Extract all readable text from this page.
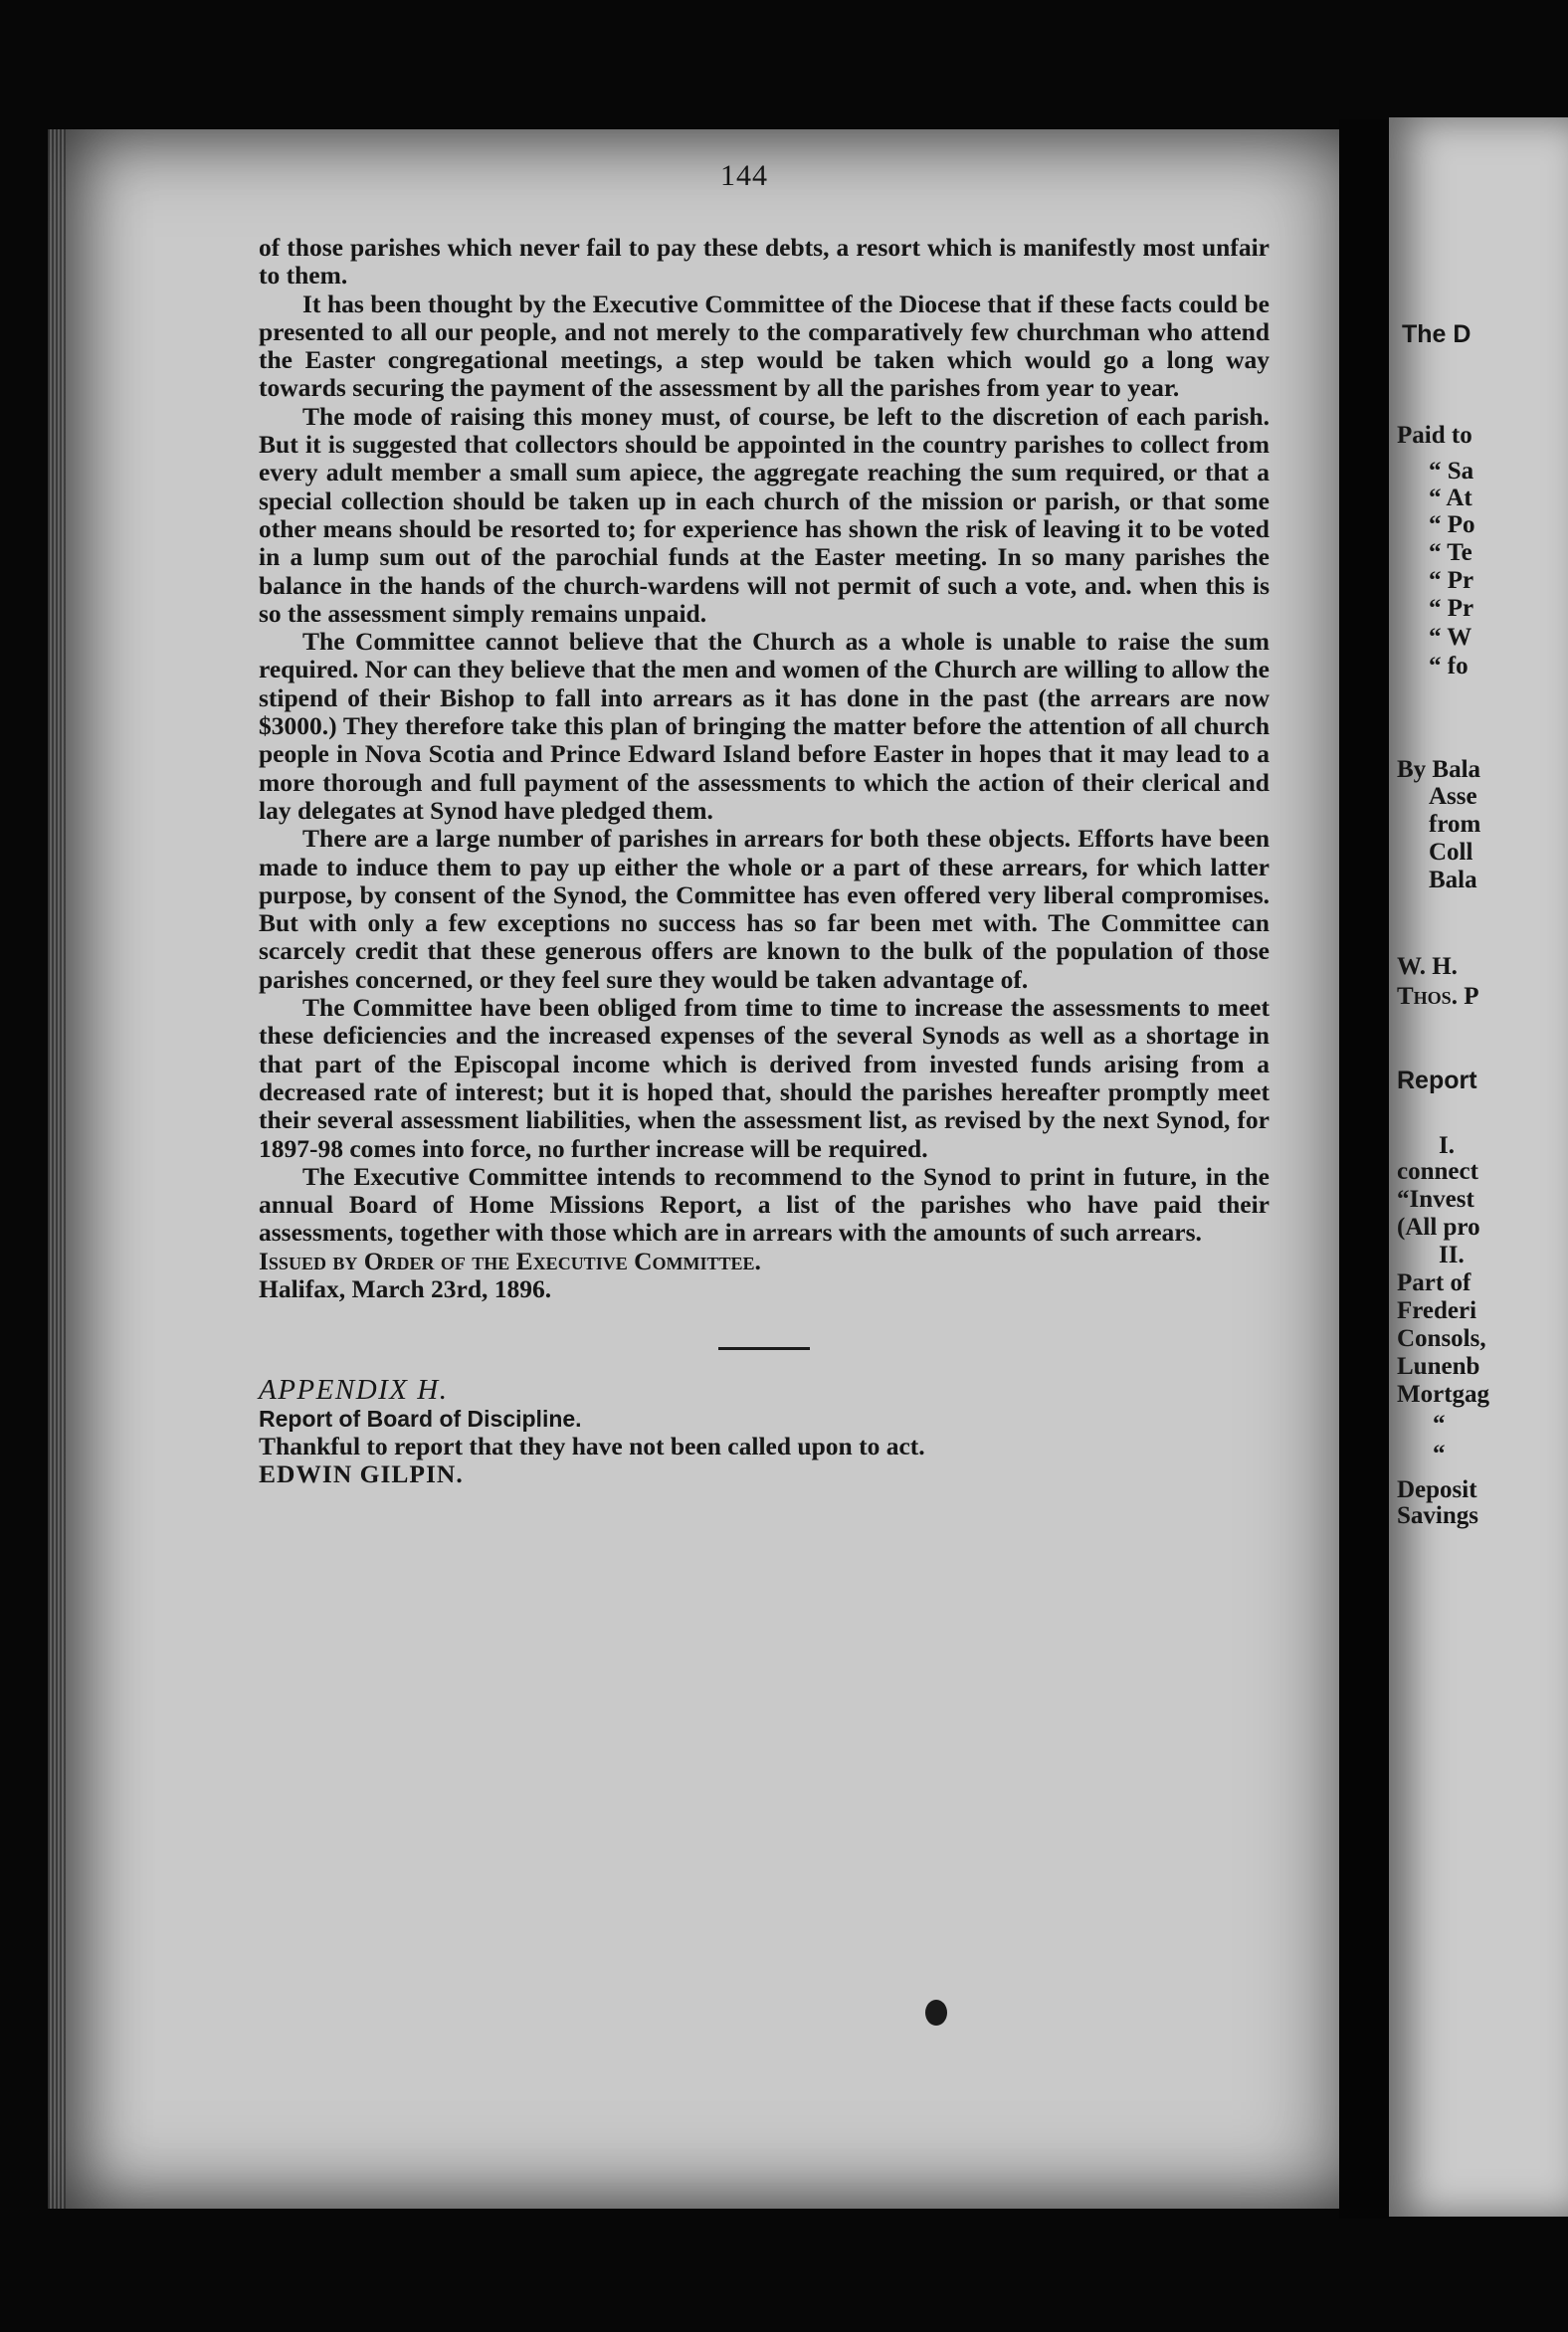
144

of those parishes which never fail to pay these debts, a resort which is manifestly most unfair to them.

It has been thought by the Executive Committee of the Diocese that if these facts could be presented to all our people, and not merely to the comparatively few churchman who attend the Easter congregational meetings, a step would be taken which would go a long way towards securing the payment of the assessment by all the parishes from year to year.

The mode of raising this money must, of course, be left to the discretion of each parish. But it is suggested that collectors should be appointed in the country parishes to collect from every adult member a small sum apiece, the aggregate reaching the sum required, or that a special collection should be taken up in each church of the mission or parish, or that some other means should be resorted to; for experience has shown the risk of leaving it to be voted in a lump sum out of the parochial funds at the Easter meeting. In so many parishes the balance in the hands of the church-wardens will not permit of such a vote, and. when this is so the assessment simply remains unpaid.

The Committee cannot believe that the Church as a whole is unable to raise the sum required. Nor can they believe that the men and women of the Church are willing to allow the stipend of their Bishop to fall into arrears as it has done in the past (the arrears are now $3000.) They therefore take this plan of bringing the matter before the attention of all church people in Nova Scotia and Prince Edward Island before Easter in hopes that it may lead to a more thorough and full payment of the assessments to which the action of their clerical and lay delegates at Synod have pledged them.

There are a large number of parishes in arrears for both these objects. Efforts have been made to induce them to pay up either the whole or a part of these arrears, for which latter purpose, by consent of the Synod, the Committee has even offered very liberal compromises. But with only a few exceptions no success has so far been met with. The Committee can scarcely credit that these generous offers are known to the bulk of the population of those parishes concerned, or they feel sure they would be taken advantage of.

The Committee have been obliged from time to time to increase the assessments to meet these deficiencies and the increased expenses of the several Synods as well as a shortage in that part of the Episcopal income which is derived from invested funds arising from a decreased rate of interest; but it is hoped that, should the parishes hereafter promptly meet their several assessment liabilities, when the assessment list, as revised by the next Synod, for 1897-98 comes into force, no further increase will be required.

The Executive Committee intends to recommend to the Synod to print in future, in the annual Board of Home Missions Report, a list of the parishes who have paid their assessments, together with those which are in arrears with the amounts of such arrears.

Issued by Order of the Executive Committee.

Halifax, March 23rd, 1896.

APPENDIX H.

Report of Board of Discipline.

Thankful to report that they have not been called upon to act.

EDWIN GILPIN.

The D
Paid to
“ Sa
“ At
“ Po
“ Te
“ Pr
“ Pr
“ W
“ fo
By Bala
Asse
from
Coll
Bala
W. H.
Thos. P
Report
I.
connect
“Invest
(All pro
II.
Part of
Frederi
Consols,
Lunenb
Mortgag
“
“
Deposit
Savings
